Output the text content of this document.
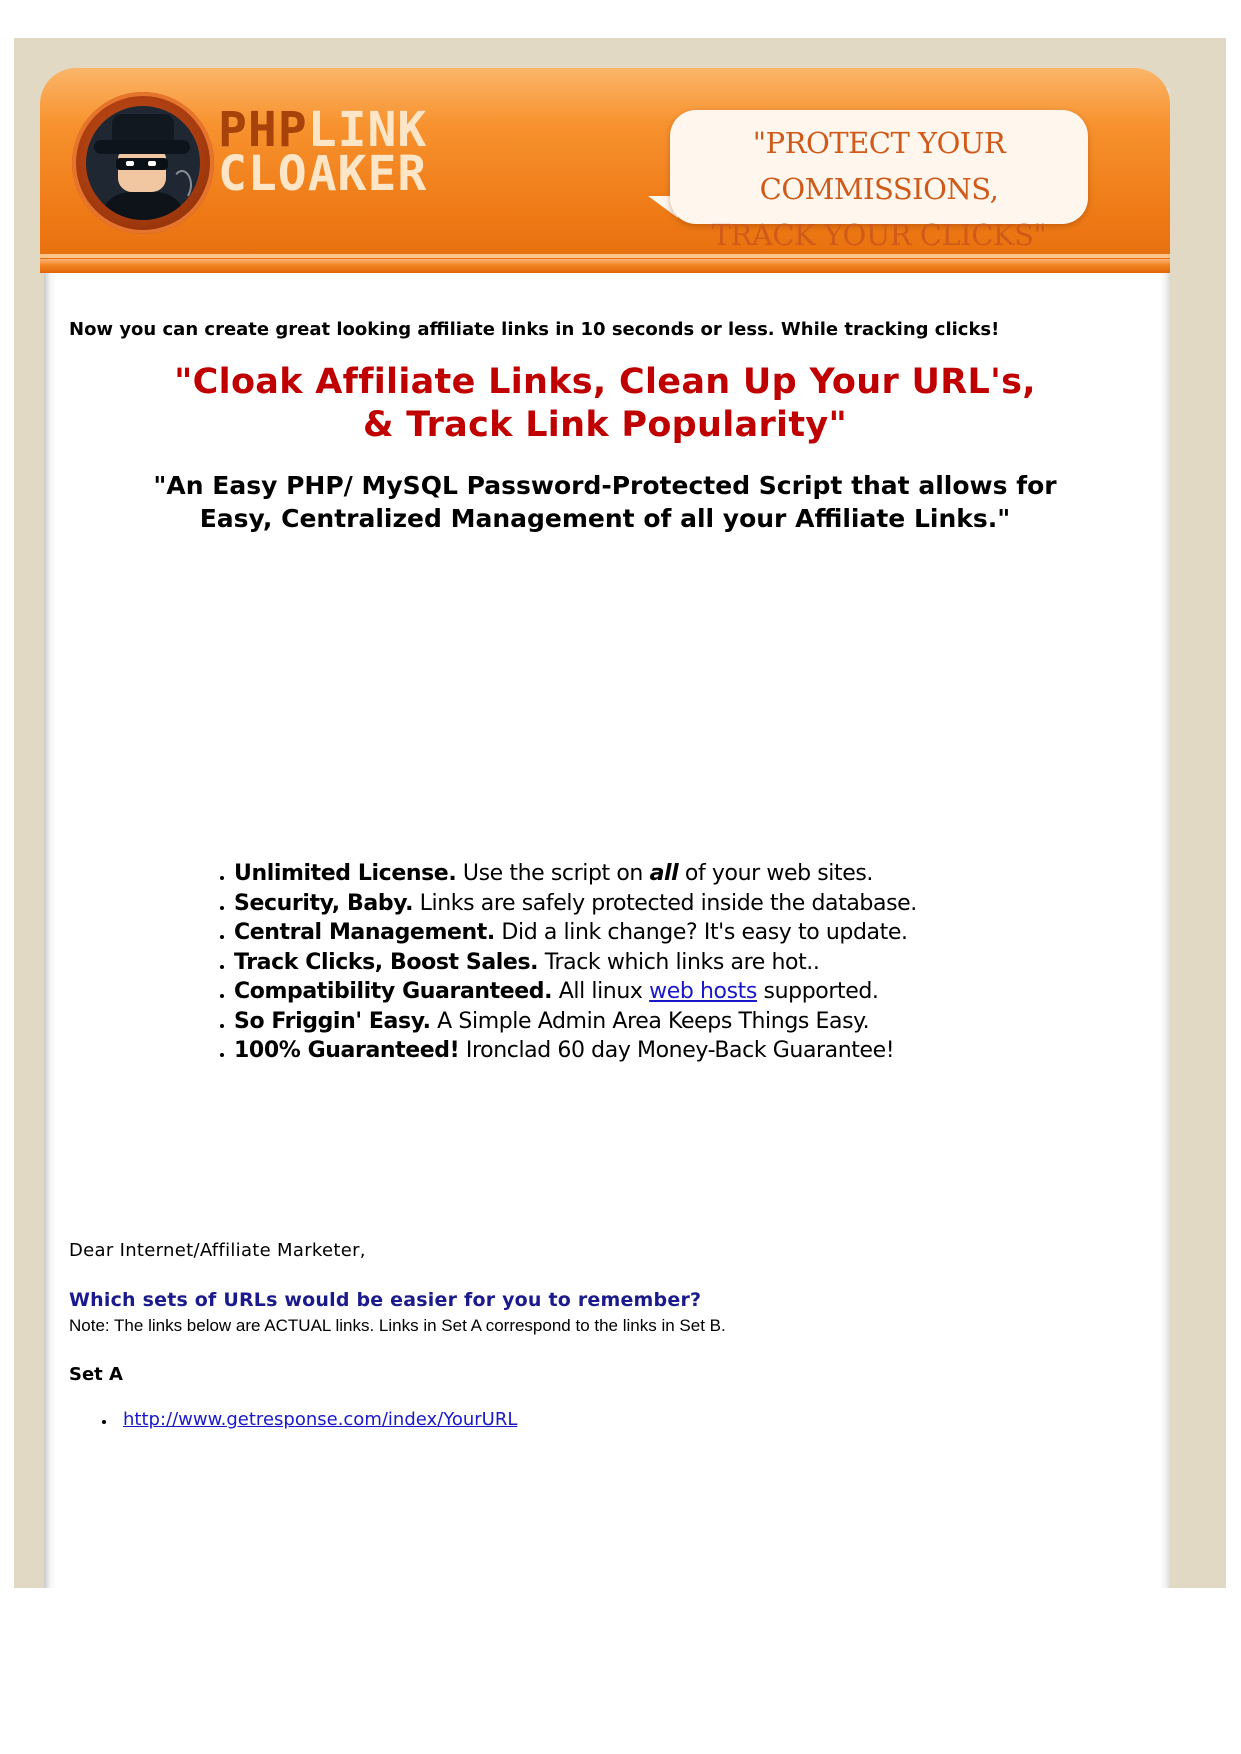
PHPLINK
CLOAKER
"PROTECT YOUR COMMISSIONS,
TRACK YOUR CLICKS"
Now you can create great looking affiliate links in 10 seconds or less. While tracking clicks!
"Cloak Affiliate Links, Clean Up Your URL's,
& Track Link Popularity"
"An Easy PHP/ MySQL Password-Protected Script that allows for
Easy, Centralized Management of all your Affiliate Links."
Unlimited License. Use the script on all of your web sites.
Security, Baby. Links are safely protected inside the database.
Central Management. Did a link change? It's easy to update.
Track Clicks, Boost Sales. Track which links are hot..
Compatibility Guaranteed. All linux web hosts supported.
So Friggin' Easy. A Simple Admin Area Keeps Things Easy.
100% Guaranteed! Ironclad 60 day Money-Back Guarantee!
Dear Internet/Affiliate Marketer,
Which sets of URLs would be easier for you to remember?
Note: The links below are ACTUAL links. Links in Set A correspond to the links in Set B.
Set A
http://www.getresponse.com/index/YourURL
